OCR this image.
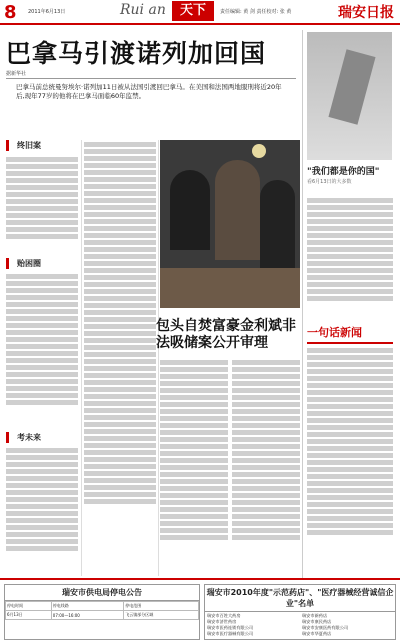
8 2011年6月13日	Rui an	天下	责任编辑: 黄 剑 责任校对: 张 黄	瑞安日报
巴拿马引渡诺列加回国
据新华社
巴拿马前总统曼努埃尔·诺列加11日被从法国引渡回巴拿马。在美国和法国两地服刑将近20年后,现年77岁的他将在巴拿马面临60年监禁。
终旧案
贻困圈
考未来
包头自焚富豪金利斌非法吸储案公开审理
"我们都是你的国"
看6月13日的大多数
一句话新闻
瑞安市供电局停电公告
停电时间	停电线路	停电范围
6月13日	07:00—16:00	飞云镇部分区域
瑞安市2010年度"示范药店"、"医疗器械经营诚信企业"名单
瑞安市百姓大药房	瑞安市新药店
瑞安市济世药房	瑞安市康民药店
瑞安市医药连锁有限公司	瑞安市安康医药有限公司
瑞安市医疗器械有限公司	瑞安市华夏药店
